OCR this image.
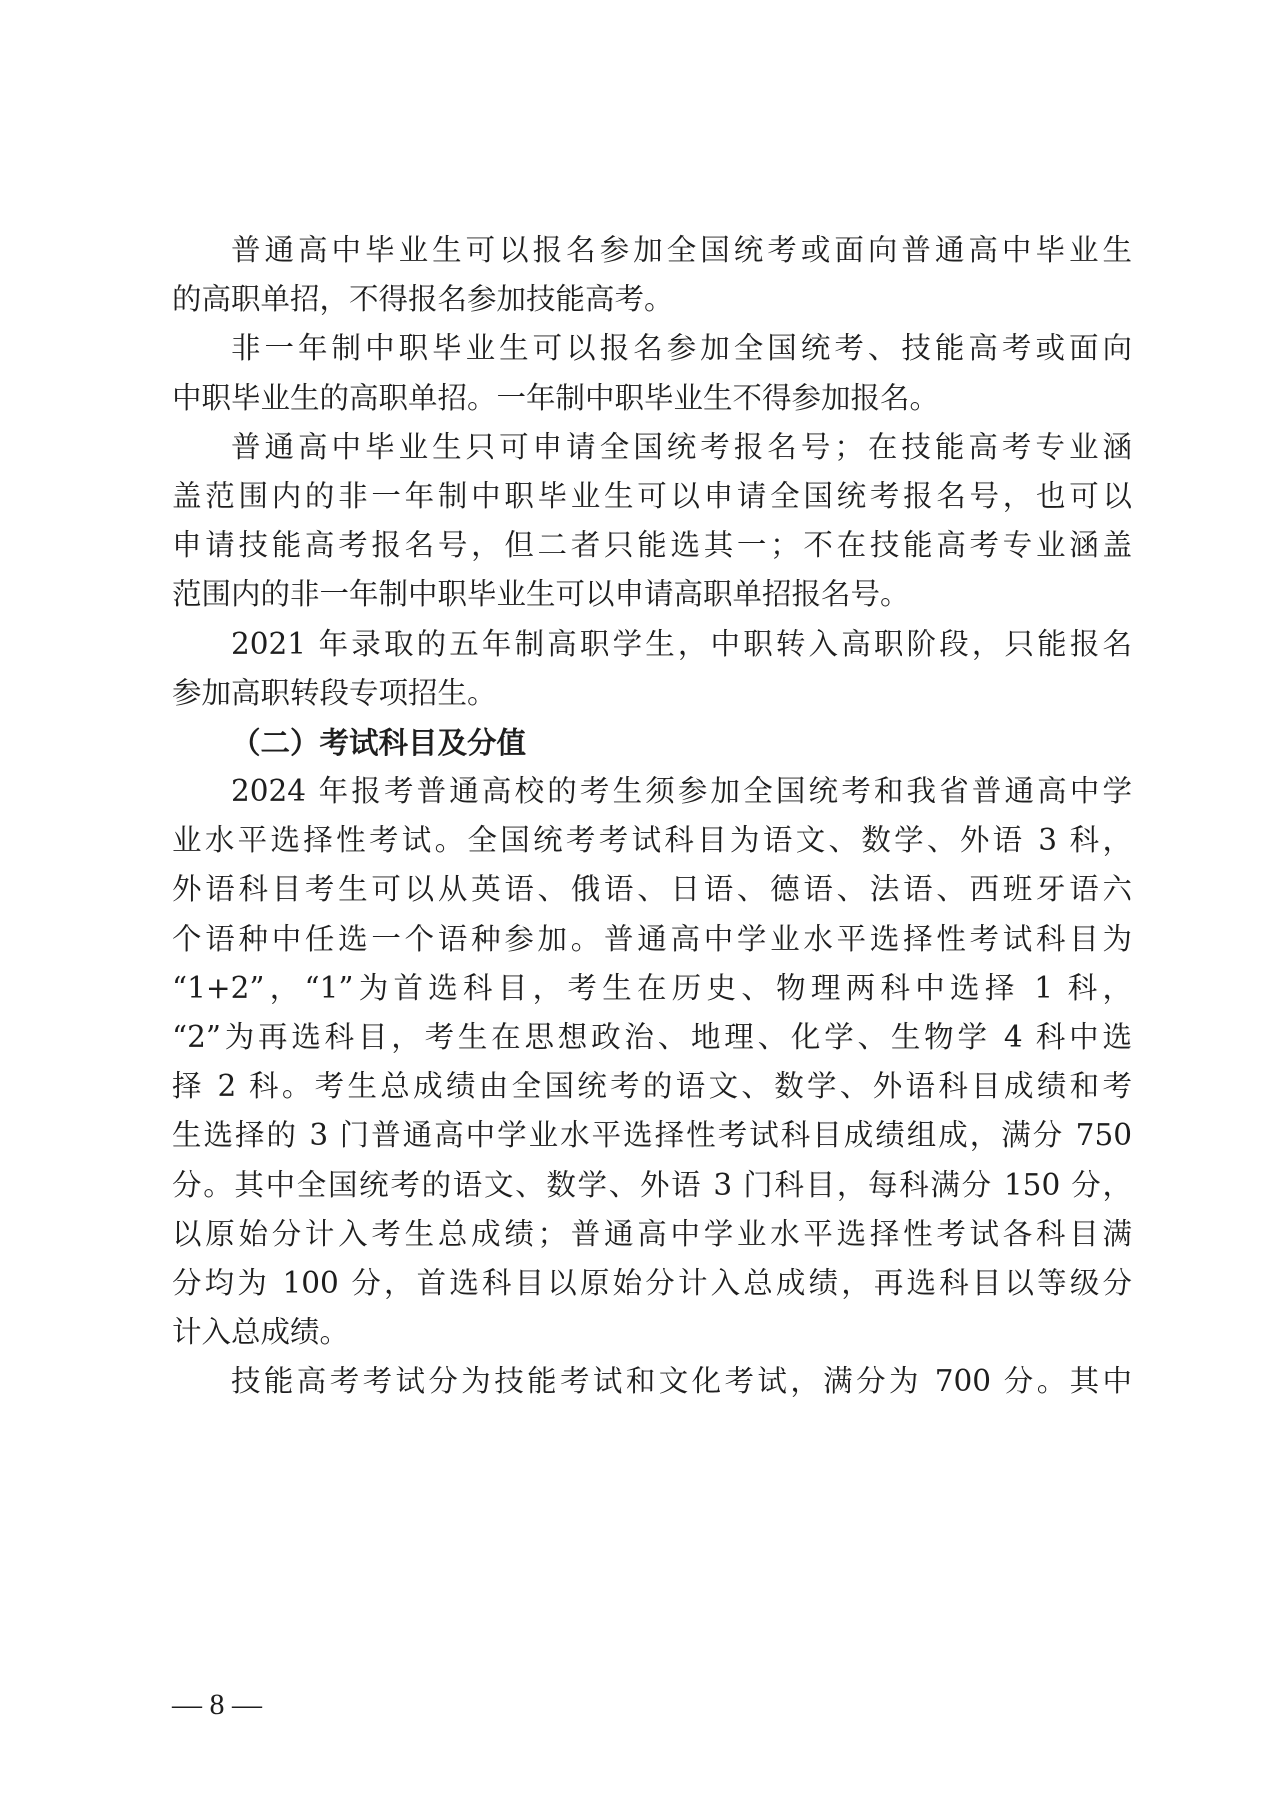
普通高中毕业生可以报名参加全国统考或面向普通高中毕业生
的高职单招，不得报名参加技能高考。
非一年制中职毕业生可以报名参加全国统考、技能高考或面向
中职毕业生的高职单招。一年制中职毕业生不得参加报名。
普通高中毕业生只可申请全国统考报名号；在技能高考专业涵
盖范围内的非一年制中职毕业生可以申请全国统考报名号，也可以
申请技能高考报名号，但二者只能选其一；不在技能高考专业涵盖
范围内的非一年制中职毕业生可以申请高职单招报名号。
2021 年录取的五年制高职学生，中职转入高职阶段，只能报名
参加高职转段专项招生。
（二）考试科目及分值
2024 年报考普通高校的考生须参加全国统考和我省普通高中学
业水平选择性考试。全国统考考试科目为语文、数学、外语 3 科，
外语科目考生可以从英语、俄语、日语、德语、法语、西班牙语六
个语种中任选一个语种参加。普通高中学业水平选择性考试科目为
“1+2”，“1”为首选科目，考生在历史、物理两科中选择 1 科，
“2”为再选科目，考生在思想政治、地理、化学、生物学 4 科中选
择 2 科。考生总成绩由全国统考的语文、数学、外语科目成绩和考
生选择的 3 门普通高中学业水平选择性考试科目成绩组成，满分 750
分。其中全国统考的语文、数学、外语 3 门科目，每科满分 150 分，
以原始分计入考生总成绩；普通高中学业水平选择性考试各科目满
分均为 100 分，首选科目以原始分计入总成绩，再选科目以等级分
计入总成绩。
技能高考考试分为技能考试和文化考试，满分为 700 分。其中
— 8 —
